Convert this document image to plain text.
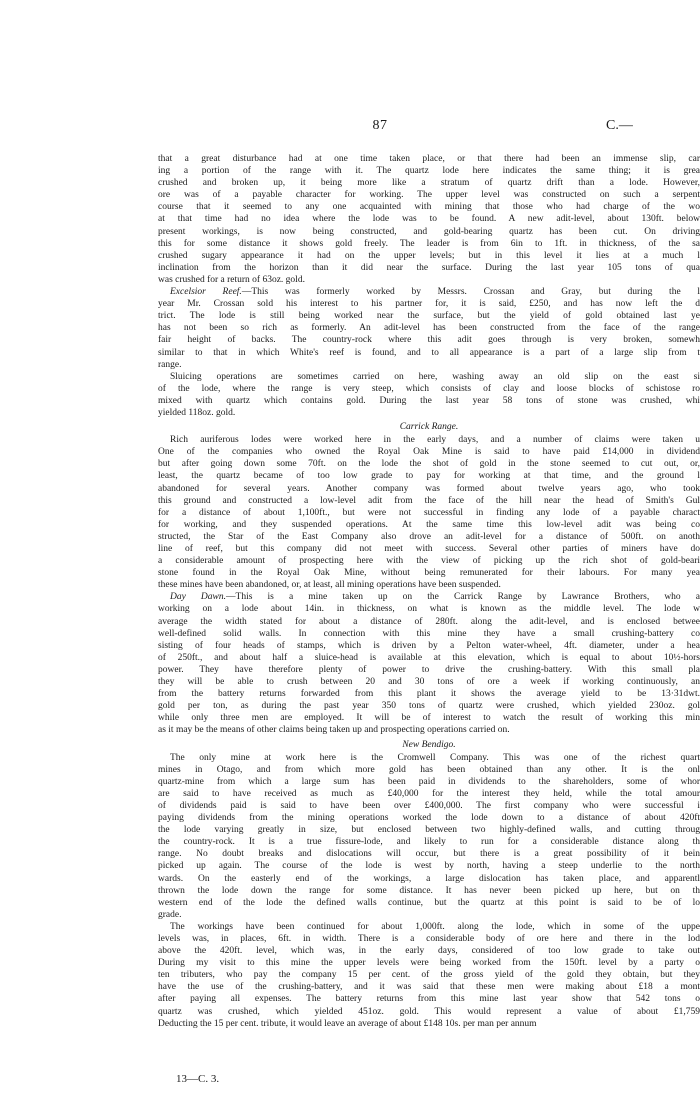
87	C.—
that a great disturbance had at one time taken place, or that there had been an immense slip, car
ing a portion of the range with it. The quartz lode here indicates the same thing; it is grea
crushed and broken up, it being more like a stratum of quartz drift than a lode. However,
ore was of a payable character for working. The upper level was constructed on such a serpent
course that it seemed to any one acquainted with mining that those who had charge of the wo
at that time had no idea where the lode was to be found. A new adit-level, about 130ft. below
present workings, is now being constructed, and gold-bearing quartz has been cut. On driving
this for some distance it shows gold freely. The leader is from 6in to 1ft. in thickness, of the sa
crushed sugary appearance it had on the upper levels; but in this level it lies at a much l
inclination from the horizon than it did near the surface. During the last year 105 tons of qua
was crushed for a return of 63oz. gold.
Excelsior Reef.—This was formerly worked by Messrs. Crossan and Gray, but during the l
year Mr. Crossan sold his interest to his partner for, it is said, £250, and has now left the d
trict. The lode is still being worked near the surface, but the yield of gold obtained last ye
has not been so rich as formerly. An adit-level has been constructed from the face of the range
fair height of backs. The country-rock where this adit goes through is very broken, somewh
similar to that in which White's reef is found, and to all appearance is a part of a large slip from t
range.
Sluicing operations are sometimes carried on here, washing away an old slip on the east si
of the lode, where the range is very steep, which consists of clay and loose blocks of schistose ro
mixed with quartz which contains gold. During the last year 58 tons of stone was crushed, whi
yielded 118oz. gold.
Carrick Range.
Rich auriferous lodes were worked here in the early days, and a number of claims were taken u
One of the companies who owned the Royal Oak Mine is said to have paid £14,000 in dividend
but after going down some 70ft. on the lode the shot of gold in the stone seemed to cut out, or,
least, the quartz became of too low grade to pay for working at that time, and the ground l
abandoned for several years. Another company was formed about twelve years ago, who took
this ground and constructed a low-level adit from the face of the hill near the head of Smith's Gul
for a distance of about 1,100ft., but were not successful in finding any lode of a payable charact
for working, and they suspended operations. At the same time this low-level adit was being co
structed, the Star of the East Company also drove an adit-level for a distance of 500ft. on anoth
line of reef, but this company did not meet with success. Several other parties of miners have do
a considerable amount of prospecting here with the view of picking up the rich shot of gold-beari
stone found in the Royal Oak Mine, without being remunerated for their labours. For many yea
these mines have been abandoned, or, at least, all mining operations have been suspended.
Day Dawn.—This is a mine taken up on the Carrick Range by Lawrance Brothers, who a
working on a lode about 14in. in thickness, on what is known as the middle level. The lode w
average the width stated for about a distance of 280ft. along the adit-level, and is enclosed betwee
well-defined solid walls. In connection with this mine they have a small crushing-battery co
sisting of four heads of stamps, which is driven by a Pelton water-wheel, 4ft. diameter, under a hea
of 250ft., and about half a sluice-head is available at this elevation, which is equal to about 10½-hors
power. They have therefore plenty of power to drive the crushing-battery. With this small pla
they will be able to crush between 20 and 30 tons of ore a week if working continuously, an
from the battery returns forwarded from this plant it shows the average yield to be 13·31dwt.
gold per ton, as during the past year 350 tons of quartz were crushed, which yielded 230oz. gol
while only three men are employed. It will be of interest to watch the result of working this min
as it may be the means of other claims being taken up and prospecting operations carried on.
New Bendigo.
The only mine at work here is the Cromwell Company. This was one of the richest quart
mines in Otago, and from which more gold has been obtained than any other. It is the onl
quartz-mine from which a large sum has been paid in dividends to the shareholders, some of whor
are said to have received as much as £40,000 for the interest they held, while the total amour
of dividends paid is said to have been over £400,000. The first company who were successful i
paying dividends from the mining operations worked the lode down to a distance of about 420ft
the lode varying greatly in size, but enclosed between two highly-defined walls, and cutting throug
the country-rock. It is a true fissure-lode, and likely to run for a considerable distance along th
range. No doubt breaks and dislocations will occur, but there is a great possibility of it bein
picked up again. The course of the lode is west by north, having a steep underlie to the north
wards. On the easterly end of the workings, a large dislocation has taken place, and apparentl
thrown the lode down the range for some distance. It has never been picked up here, but on th
western end of the lode the defined walls continue, but the quartz at this point is said to be of lo
grade.
The workings have been continued for about 1,000ft. along the lode, which in some of the uppe
levels was, in places, 6ft. in width. There is a considerable body of ore here and there in the lod
above the 420ft. level, which was, in the early days, considered of too low grade to take out
During my visit to this mine the upper levels were being worked from the 150ft. level by a party o
ten tributers, who pay the company 15 per cent. of the gross yield of the gold they obtain, but they
have the use of the crushing-battery, and it was said that these men were making about £18 a mont
after paying all expenses. The battery returns from this mine last year show that 542 tons o
quartz was crushed, which yielded 451oz. gold. This would represent a value of about £1,759
Deducting the 15 per cent. tribute, it would leave an average of about £148 10s. per man per annum
13—C. 3.
